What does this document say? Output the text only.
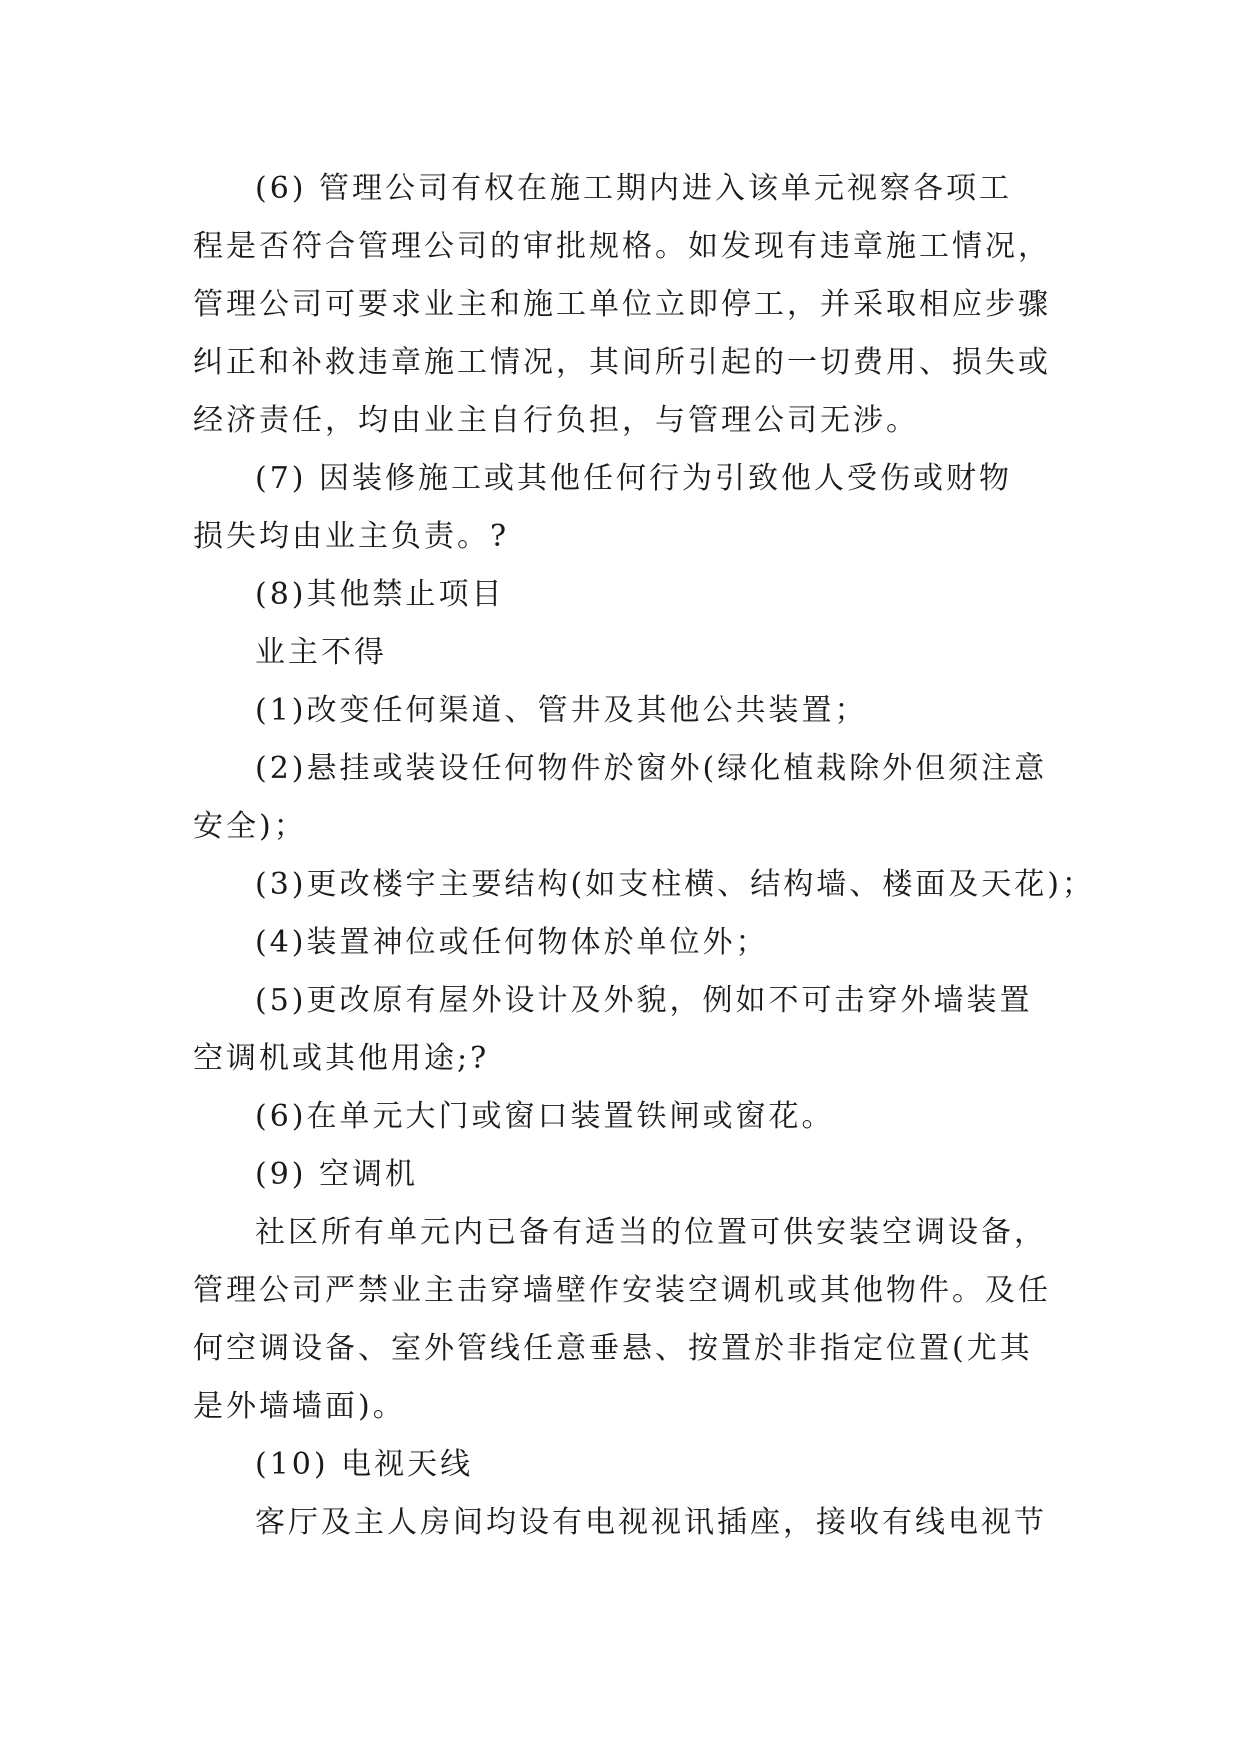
(6) 管理公司有权在施工期内进入该单元视察各项工
程是否符合管理公司的审批规格。如发现有违章施工情况，
管理公司可要求业主和施工单位立即停工，并采取相应步骤
纠正和补救违章施工情况，其间所引起的一切费用、损失或
经济责任，均由业主自行负担，与管理公司无涉。
(7) 因装修施工或其他任何行为引致他人受伤或财物
损失均由业主负责。?
(8)其他禁止项目
业主不得
(1)改变任何渠道、管井及其他公共装置；
(2)悬挂或装设任何物件於窗外(绿化植栽除外但须注意
安全)；
(3)更改楼宇主要结构(如支柱横、结构墙、楼面及天花)；
(4)装置神位或任何物体於单位外；
(5)更改原有屋外设计及外貌，例如不可击穿外墙装置
空调机或其他用途;?
(6)在单元大门或窗口装置铁闸或窗花。
(9) 空调机
社区所有单元内已备有适当的位置可供安装空调设备，
管理公司严禁业主击穿墙壁作安装空调机或其他物件。及任
何空调设备、室外管线任意垂悬、按置於非指定位置(尤其
是外墙墙面)。
(10) 电视天线
客厅及主人房间均设有电视视讯插座，接收有线电视节
